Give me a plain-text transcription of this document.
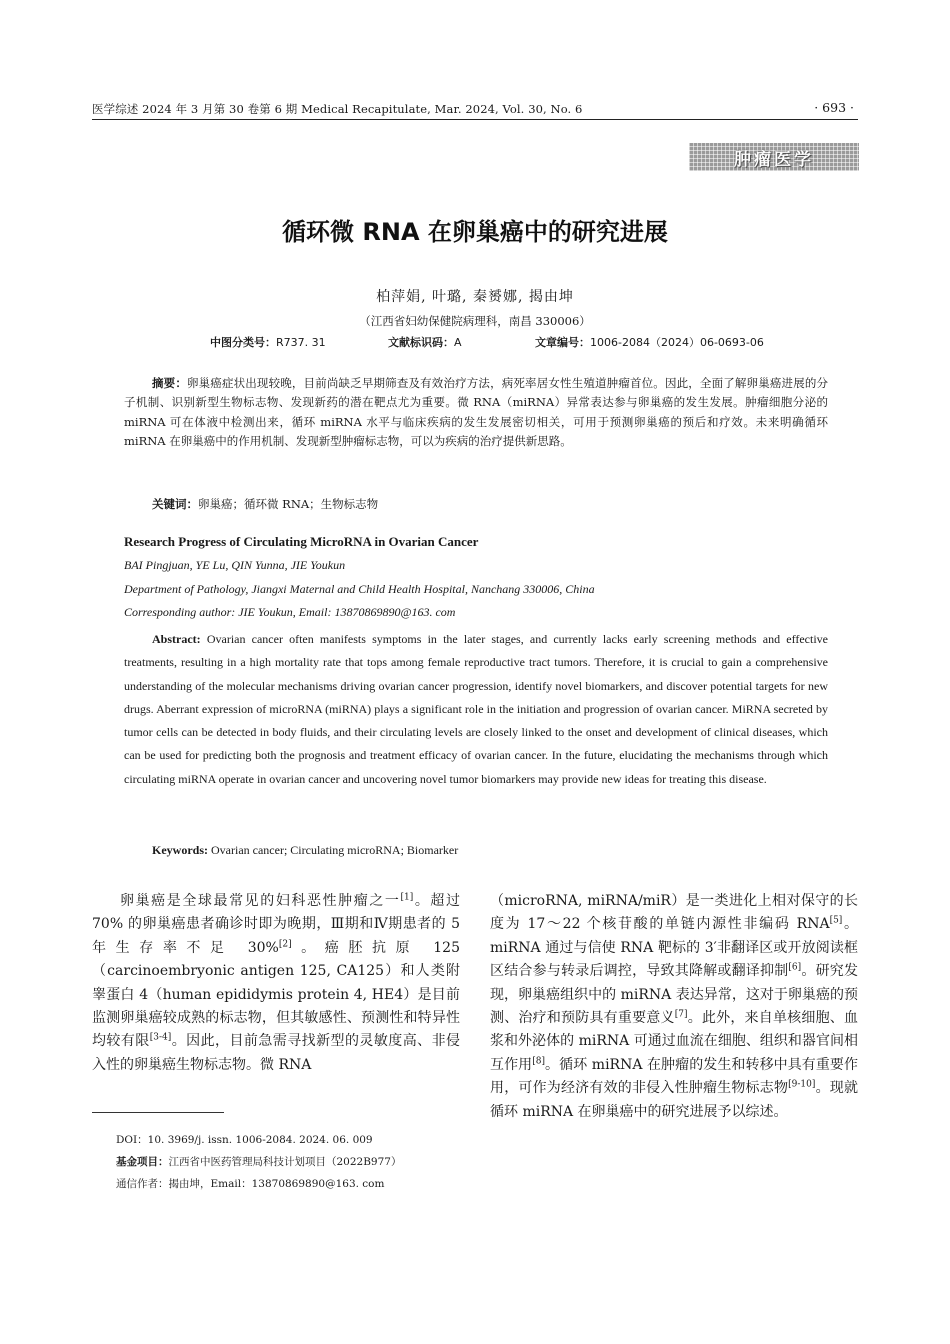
医学综述 2024 年 3 月第 30 卷第 6 期 Medical Recapitulate, Mar. 2024, Vol. 30, No. 6	· 693 ·
肿瘤医学
循环微 RNA 在卵巢癌中的研究进展
柏萍娟, 叶璐, 秦赟娜, 揭由坤
（江西省妇幼保健院病理科，南昌 330006）
中图分类号：R737. 31	文献标识码：A	文章编号：1006-2084（2024）06-0693-06
摘要：卵巢癌症状出现较晚，目前尚缺乏早期筛查及有效治疗方法，病死率居女性生殖道肿瘤首位。因此，全面了解卵巢癌进展的分子机制、识别新型生物标志物、发现新药的潜在靶点尤为重要。微 RNA（miRNA）异常表达参与卵巢癌的发生发展。肿瘤细胞分泌的 miRNA 可在体液中检测出来，循环 miRNA 水平与临床疾病的发生发展密切相关，可用于预测卵巢癌的预后和疗效。未来明确循环 miRNA 在卵巢癌中的作用机制、发现新型肿瘤标志物，可以为疾病的治疗提供新思路。
关键词：卵巢癌；循环微 RNA；生物标志物
Research Progress of Circulating MicroRNA in Ovarian Cancer
BAI Pingjuan, YE Lu, QIN Yunna, JIE Youkun
Department of Pathology, Jiangxi Maternal and Child Health Hospital, Nanchang 330006, China
Corresponding author: JIE Youkun, Email: 13870869890@163. com
Abstract: Ovarian cancer often manifests symptoms in the later stages, and currently lacks early screening methods and effective treatments, resulting in a high mortality rate that tops among female reproductive tract tumors. Therefore, it is crucial to gain a comprehensive understanding of the molecular mechanisms driving ovarian cancer progression, identify novel biomarkers, and discover potential targets for new drugs. Aberrant expression of microRNA (miRNA) plays a significant role in the initiation and progression of ovarian cancer. MiRNA secreted by tumor cells can be detected in body fluids, and their circulating levels are closely linked to the onset and development of clinical diseases, which can be used for predicting both the prognosis and treatment efficacy of ovarian cancer. In the future, elucidating the mechanisms through which circulating miRNA operate in ovarian cancer and uncovering novel tumor biomarkers may provide new ideas for treating this disease.
Keywords: Ovarian cancer; Circulating microRNA; Biomarker
卵巢癌是全球最常见的妇科恶性肿瘤之一[1]。超过 70% 的卵巢癌患者确诊时即为晚期，Ⅲ期和Ⅳ期患者的 5 年生存率不足 30%[2]。癌胚抗原 125（carcinoembryonic antigen 125, CA125）和人类附睾蛋白 4（human epididymis protein 4, HE4）是目前监测卵巢癌较成熟的标志物，但其敏感性、预测性和特异性均较有限[3-4]。因此，目前急需寻找新型的灵敏度高、非侵入性的卵巢癌生物标志物。微 RNA
（microRNA, miRNA/miR）是一类进化上相对保守的长度为 17～22 个核苷酸的单链内源性非编码 RNA[5]。miRNA 通过与信使 RNA 靶标的 3′非翻译区或开放阅读框区结合参与转录后调控，导致其降解或翻译抑制[6]。研究发现，卵巢癌组织中的 miRNA 表达异常，这对于卵巢癌的预测、治疗和预防具有重要意义[7]。此外，来自单核细胞、血浆和外泌体的 miRNA 可通过血流在细胞、组织和器官间相互作用[8]。循环 miRNA 在肿瘤的发生和转移中具有重要作用，可作为经济有效的非侵入性肿瘤生物标志物[9-10]。现就循环 miRNA 在卵巢癌中的研究进展予以综述。
DOI：10. 3969/j. issn. 1006-2084. 2024. 06. 009
基金项目：江西省中医药管理局科技计划项目（2022B977）
通信作者：揭由坤，Email：13870869890@163. com
